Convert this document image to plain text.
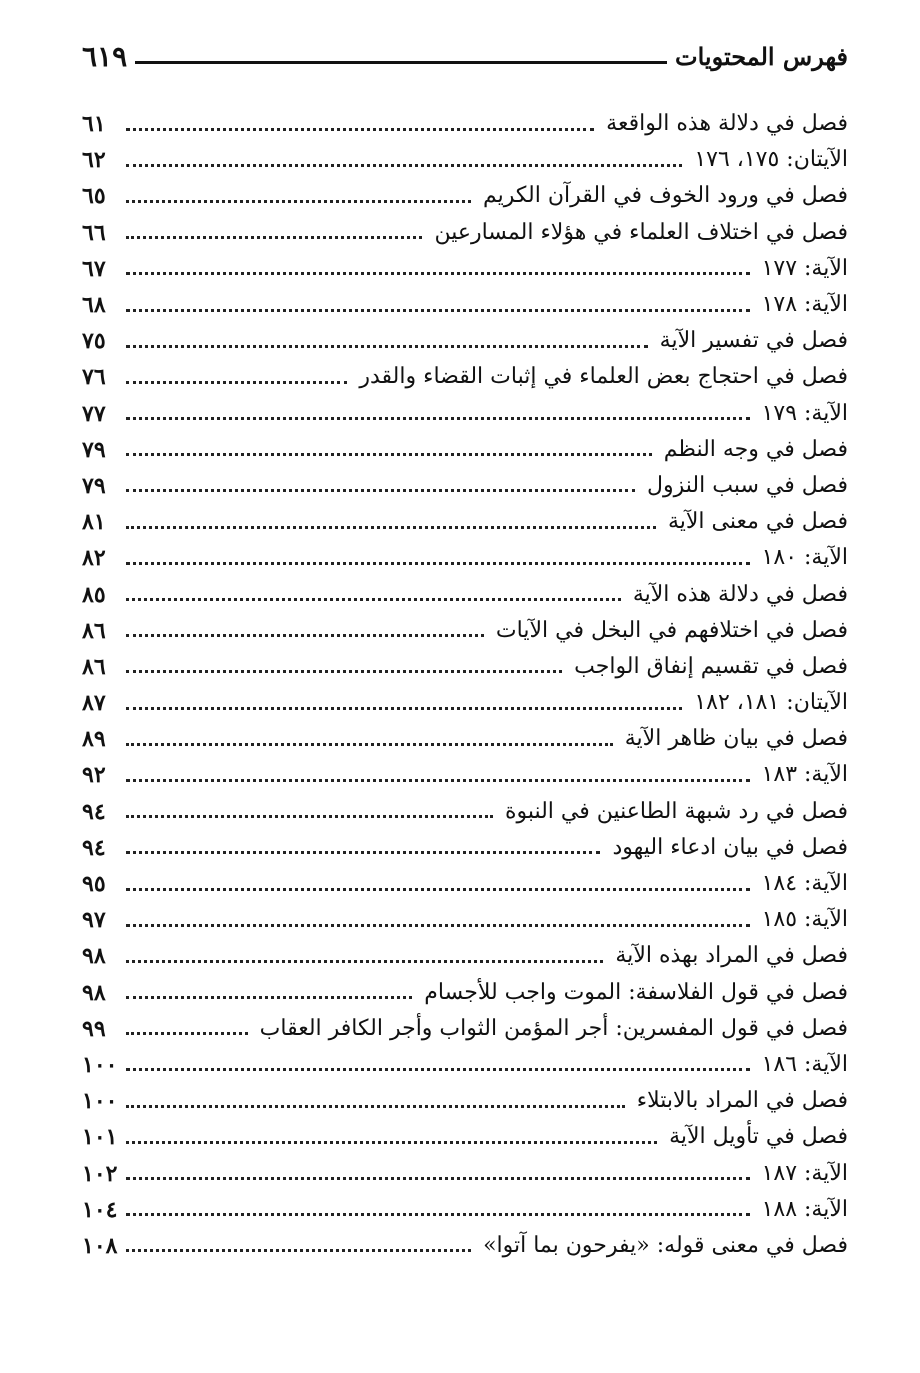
فهرس المحتويات
٦١٩
فصل في دلالة هذه الواقعة
٦١
الآيتان: ١٧٥، ١٧٦
٦٢
فصل في ورود الخوف في القرآن الكريم
٦٥
فصل في اختلاف العلماء في هؤلاء المسارعين
٦٦
الآية: ١٧٧
٦٧
الآية: ١٧٨
٦٨
فصل في تفسير الآية
٧٥
فصل في احتجاج بعض العلماء في إثبات القضاء والقدر
٧٦
الآية: ١٧٩
٧٧
فصل في وجه النظم
٧٩
فصل في سبب النزول
٧٩
فصل في معنى الآية
٨١
الآية: ١٨٠
٨٢
فصل في دلالة هذه الآية
٨٥
فصل في اختلافهم في البخل في الآيات
٨٦
فصل في تقسيم إنفاق الواجب
٨٦
الآيتان: ١٨١، ١٨٢
٨٧
فصل في بيان ظاهر الآية
٨٩
الآية: ١٨٣
٩٢
فصل في رد شبهة الطاعنين في النبوة
٩٤
فصل في بيان ادعاء اليهود
٩٤
الآية: ١٨٤
٩٥
الآية: ١٨٥
٩٧
فصل في المراد بهذه الآية
٩٨
فصل في قول الفلاسفة: الموت واجب للأجسام
٩٨
فصل في قول المفسرين: أجر المؤمن الثواب وأجر الكافر العقاب
٩٩
الآية: ١٨٦
١٠٠
فصل في المراد بالابتلاء
١٠٠
فصل في تأويل الآية
١٠١
الآية: ١٨٧
١٠٢
الآية: ١٨٨
١٠٤
فصل في معنى قوله: «يفرحون بما آتوا»
١٠٨
